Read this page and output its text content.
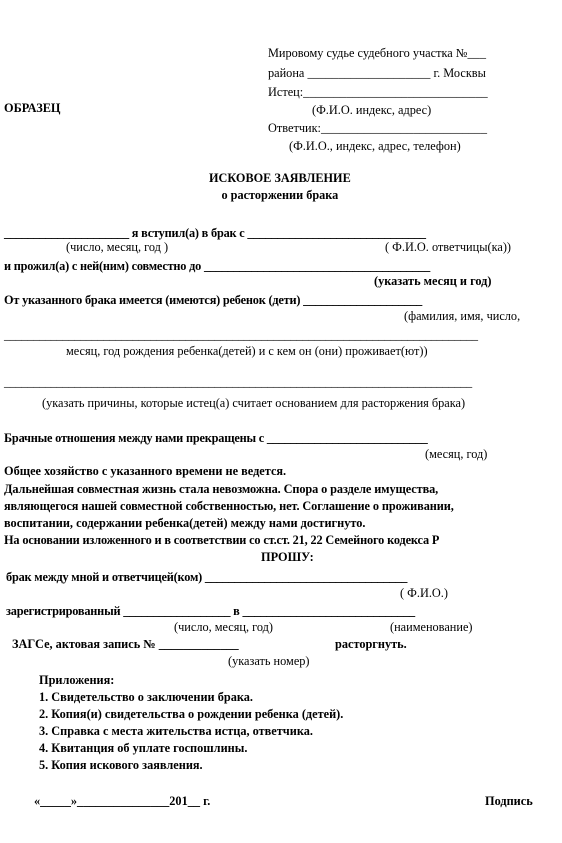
Мировому судье судебного участка №___
района ____________________ г. Москвы
Истец:______________________________
(Ф.И.О. индекс, адрес)
Ответчик:___________________________
(Ф.И.О., индекс, адрес, телефон)
ОБРАЗЕЦ
ИСКОВОЕ ЗАЯВЛЕНИЕ
о расторжении брака
_____________________ я вступил(а) в брак с ______________________________
(число, месяц, год )	( Ф.И.О. ответчицы(ка))
и прожил(а) с ней(ним) совместно до ______________________________________
(указать месяц и год)
От указанного брака имеется (имеются) ребенок (дети) ____________________
(фамилия, имя, число,
_________________________________________________________________________________
месяц, год рождения ребенка(детей) и с кем он (они) проживает(ют))
________________________________________________________________________________
(указать причины, которые истец(а) считает основанием для расторжения брака)
Брачные отношения между нами прекращены с ___________________________
(месяц, год)
Общее хозяйство с указанного времени не ведется.
Дальнейшая совместная жизнь стала невозможна. Спора о разделе имущества,
являющегося нашей совместной собственностью, нет. Соглашение о проживании,
воспитании, содержании ребенка(детей) между нами достигнуто.
На основании изложенного и в соответствии со ст.ст. 21, 22 Семейного кодекса Р
ПРОШУ:
брак между мной и ответчицей(ком) __________________________________
( Ф.И.О.)
зарегистрированный __________________ в _____________________________
(число, месяц, год)	(наименование)
ЗАГСе, актовая запись № _____________	расторгнуть.
(указать номер)
Приложения:
1. Свидетельство о заключении брака.
2. Копия(и) свидетельства о рождении ребенка (детей).
3. Справка с места жительства истца, ответчика.
4. Квитанция об уплате госпошлины.
5. Копия искового заявления.
«_____»_______________201__ г.	Подпись
